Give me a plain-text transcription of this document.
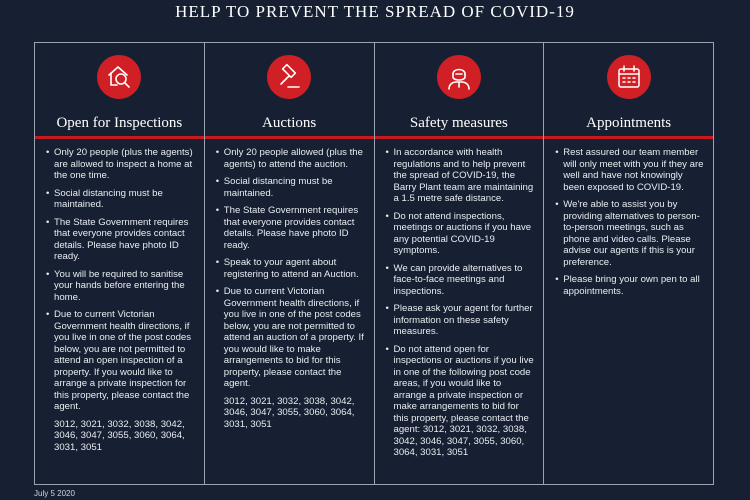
HELP TO PREVENT THE SPREAD OF COVID-19
Open for Inspections
• Only 20 people (plus the agents) are allowed to inspect a home at the one time.
• Social distancing must be maintained.
• The State Government requires that everyone provides contact details. Please have photo ID ready.
• You will be required to sanitise your hands before entering the home.
• Due to current Victorian Government health directions, if you live in one of the post codes below, you are not permitted to attend an open inspection of a property. If you would like to arrange a private inspection for this property, please contact the agent.
3012, 3021, 3032, 3038, 3042, 3046, 3047, 3055, 3060, 3064, 3031, 3051
Auctions
• Only 20 people allowed (plus the agents) to attend the auction.
• Social distancing must be maintained.
• The State Government requires that everyone provides contact details. Please have photo ID ready.
• Speak to your agent about registering to attend an Auction.
• Due to current Victorian Government health directions, if you live in one of the post codes below, you are not permitted to attend an auction of a property. If you would like to make arrangements to bid for this property, please contact the agent.
3012, 3021, 3032, 3038, 3042, 3046, 3047, 3055, 3060, 3064, 3031, 3051
Safety measures
• In accordance with health regulations and to help prevent the spread of COVID-19, the Barry Plant team are maintaining a 1.5 metre safe distance.
• Do not attend inspections, meetings or auctions if you have any potential COVID-19 symptoms.
• We can provide alternatives to face-to-face meetings and inspections.
• Please ask your agent for further information on these safety measures.
• Do not attend open for inspections or auctions if you live in one of the following post code areas, if you would like to arrange a private inspection or make arrangements to bid for this property, please contact the agent: 3012, 3021, 3032, 3038, 3042, 3046, 3047, 3055, 3060, 3064, 3031, 3051
Appointments
• Rest assured our team member will only meet with you if they are well and have not knowingly been exposed to COVID-19.
• We're able to assist you by providing alternatives to person-to-person meetings, such as phone and video calls. Please advise our agents if this is your preference.
• Please bring your own pen to all appointments.
July 5 2020
